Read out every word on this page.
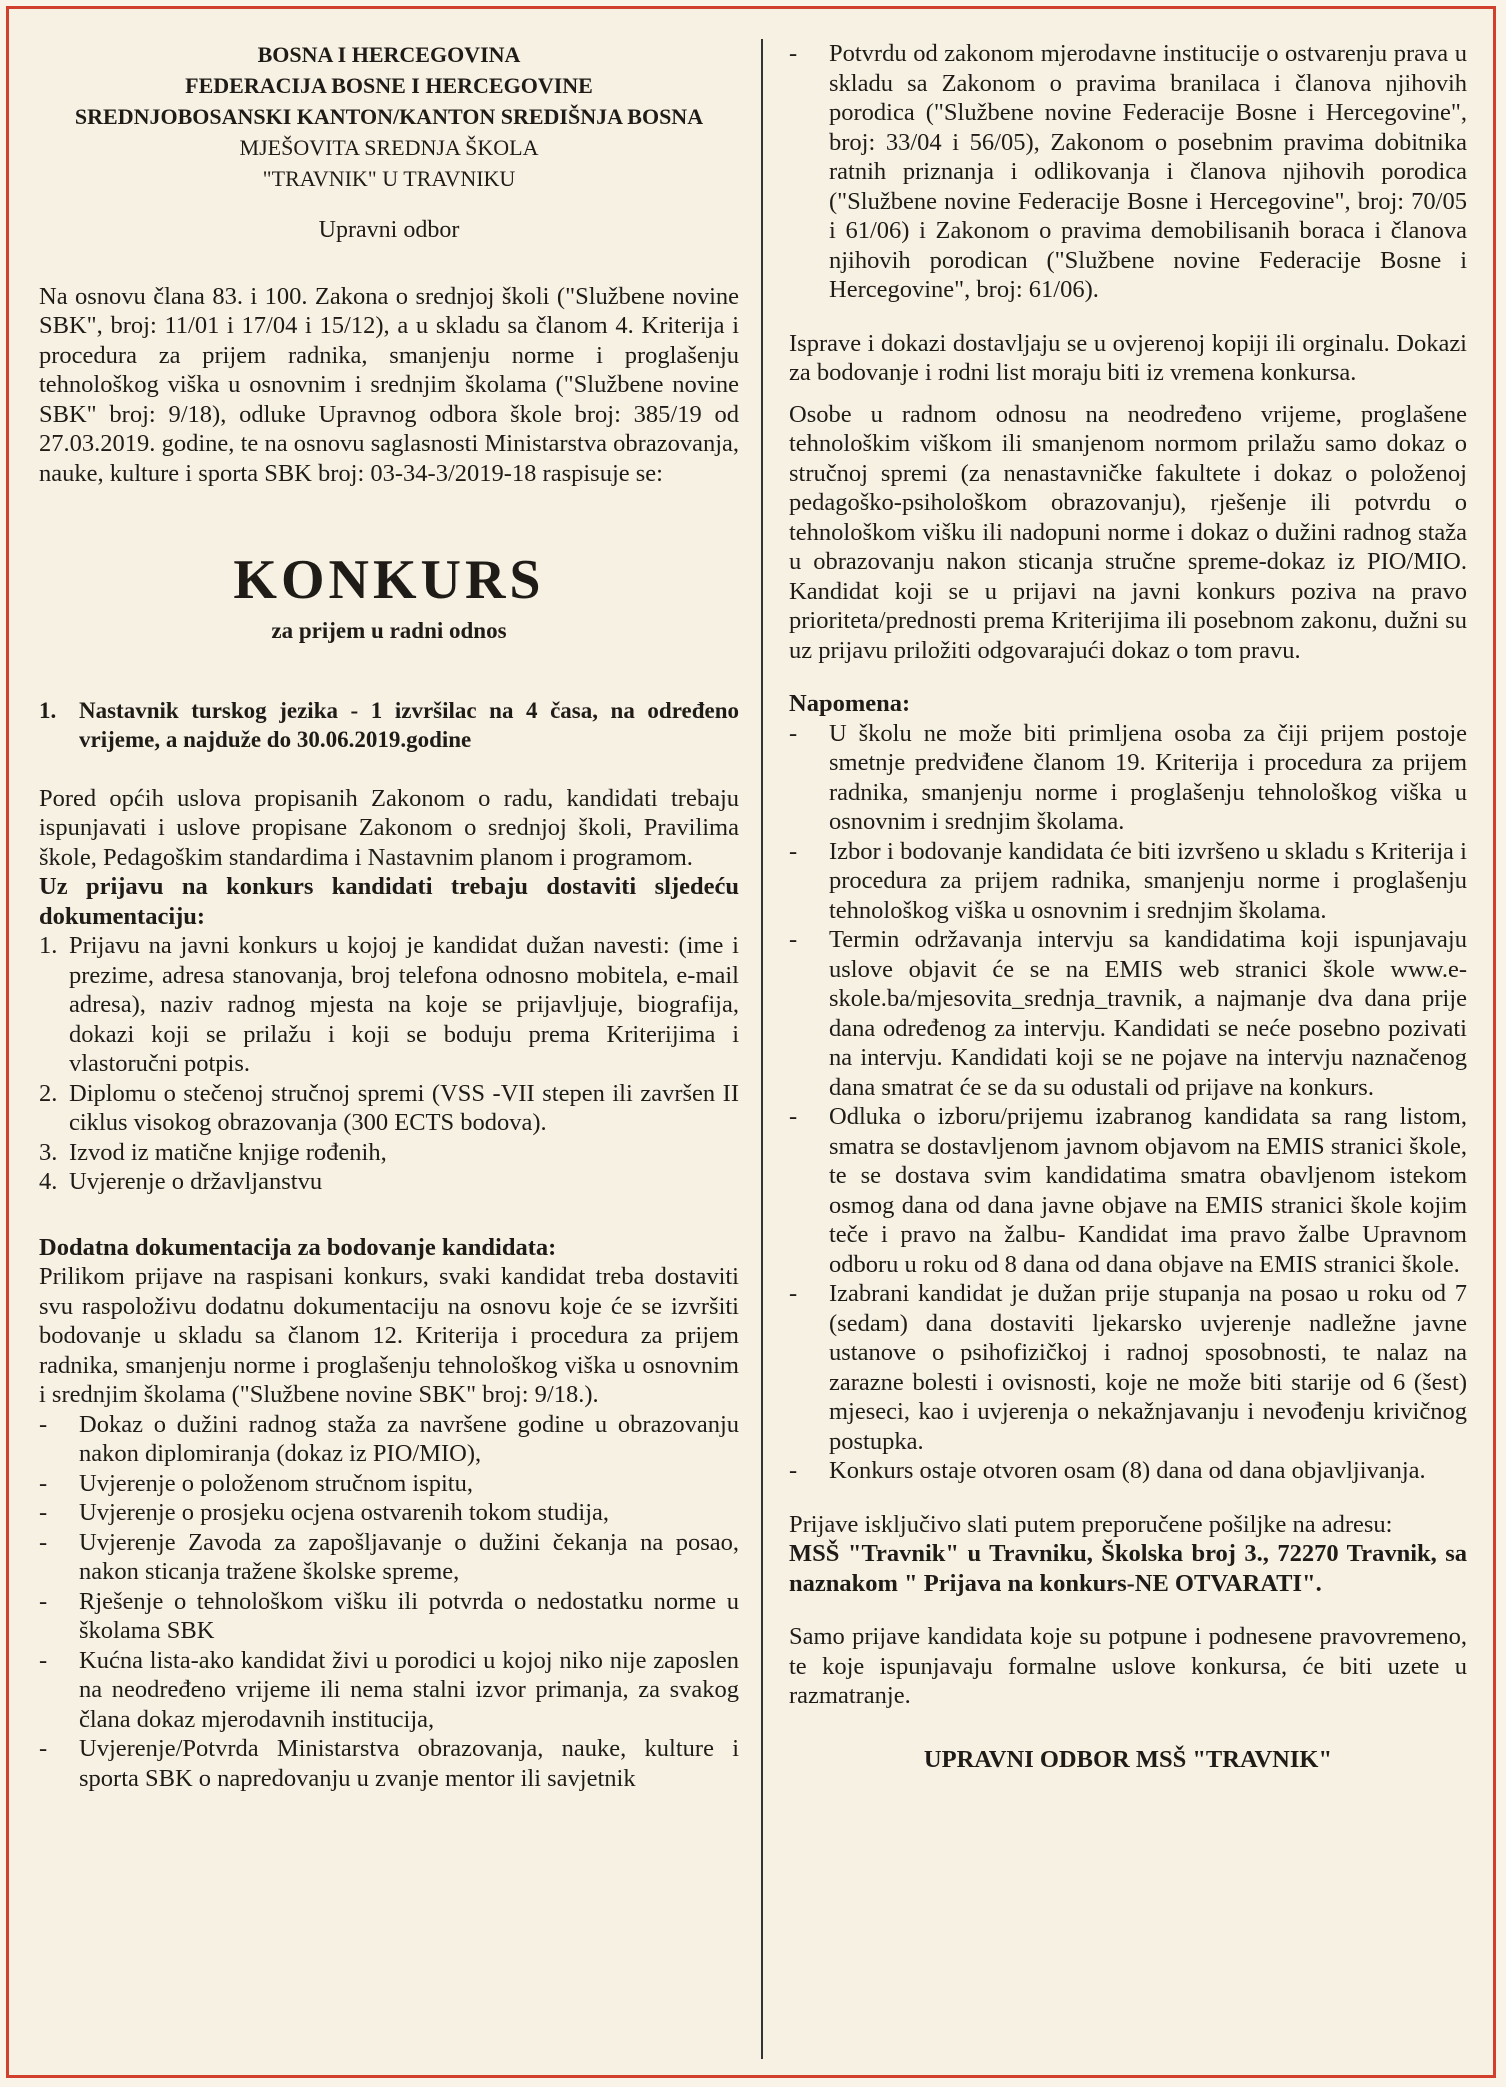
BOSNA I HERCEGOVINA
FEDERACIJA BOSNE I HERCEGOVINE
SREDNJOBOSANSKI KANTON/KANTON SREDIŠNJA BOSNA
MJEŠOVITA SREDNJA ŠKOLA
"TRAVNIK" U TRAVNIKU
Upravni odbor

Na osnovu člana 83. i 100. Zakona o srednjoj školi ("Službene novine SBK", broj: 11/01 i 17/04 i 15/12), a u skladu sa članom 4. Kriterija i procedura za prijem radnika, smanjenju norme i proglašenju tehnološkog viška u osnovnim i srednjim školama ("Službene novine SBK" broj: 9/18), odluke Upravnog odbora škole broj: 385/19 od 27.03.2019. godine, te na osnovu saglasnosti Ministarstva obrazovanja, nauke, kulture i sporta SBK broj: 03-34-3/2019-18 raspisuje se:

KONKURS
za prijem u radni odnos
1. Nastavnik turskog jezika - 1 izvršilac na 4 časa, na određeno vrijeme, a najduže do 30.06.2019.godine

Pored općih uslova propisanih Zakonom o radu, kandidati trebaju ispunjavati i uslove propisane Zakonom o srednjoj školi, Pravilima škole, Pedagoškim standardima i Nastavnim planom i programom.

Uz prijavu na konkurs kandidati trebaju dostaviti sljedeću dokumentaciju:

1. Prijavu na javni konkurs u kojoj je kandidat dužan navesti: (ime i prezime, adresa stanovanja, broj telefona odnosno mobitela, e-mail adresa), naziv radnog mjesta na koje se prijavljuje, biografija, dokazi koji se prilažu i koji se boduju prema Kriterijima i vlastoručni potpis.
2. Diplomu o stečenoj stručnoj spremi (VSS -VII stepen ili završen II ciklus visokog obrazovanja (300 ECTS bodova).
3. Izvod iz matične knjige rođenih,
4. Uvjerenje o državljanstvu

Dodatna dokumentacija za bodovanje kandidata:

Prilikom prijave na raspisani konkurs, svaki kandidat treba dostaviti svu raspoloživu dodatnu dokumentaciju na osnovu koje će se izvršiti bodovanje u skladu sa članom 12. Kriterija i procedura za prijem radnika, smanjenju norme i proglašenju tehnološkog viška u osnovnim i srednjim školama ("Službene novine SBK" broj: 9/18.).

-	Dokaz o dužini radnog staža za navršene godine u obrazovanju nakon diplomiranja (dokaz iz PIO/MIO),
-	Uvjerenje o položenom stručnom ispitu,
-	Uvjerenje o prosjeku ocjena ostvarenih tokom studija,
-	Uvjerenje Zavoda za zapošljavanje o dužini čekanja na posao, nakon sticanja tražene školske spreme,
-	Rješenje o tehnološkom višku ili potvrda o nedostatku norme u školama SBK
-	Kućna lista-ako kandidat živi u porodici u kojoj niko nije zaposlen na neodređeno vrijeme ili nema stalni izvor primanja, za svakog člana dokaz mjerodavnih institucija,
-	Uvjerenje/Potvrda Ministarstva obrazovanja, nauke, kulture i sporta SBK o napredovanju u zvanje mentor ili savjetnik
-	Potvrdu od zakonom mjerodavne institucije o ostvarenju prava u skladu sa Zakonom o pravima branilaca i članova njihovih porodica ("Službene novine Federacije Bosne i Hercegovine", broj: 33/04 i 56/05), Zakonom o posebnim pravima dobitnika ratnih priznanja i odlikovanja i članova njihovih porodica ("Službene novine Federacije Bosne i Hercegovine", broj: 70/05 i 61/06) i Zakonom o pravima demobilisanih boraca i članova njihovih porodican ("Službene novine Federacije Bosne i Hercegovine", broj: 61/06).

Isprave i dokazi dostavljaju se u ovjerenoj kopiji ili orginalu. Dokazi za bodovanje i rodni list moraju biti iz vremena konkursa.

Osobe u radnom odnosu na neodređeno vrijeme, proglašene tehnološkim viškom ili smanjenom normom prilažu samo dokaz o stručnoj spremi (za nenastavničke fakultete i dokaz o položenoj pedagoško-psihološkom obrazovanju), rješenje ili potvrdu o tehnološkom višku ili nadopuni norme i dokaz o dužini radnog staža u obrazovanju nakon sticanja stručne spreme-dokaz iz PIO/MIO. Kandidat koji se u prijavi na javni konkurs poziva na pravo prioriteta/prednosti prema Kriterijima ili posebnom zakonu, dužni su uz prijavu priložiti odgovarajući dokaz o tom pravu.

Napomena:

-	U školu ne može biti primljena osoba za čiji prijem postoje smetnje predviđene članom 19. Kriterija i procedura za prijem radnika, smanjenju norme i proglašenju tehnološkog viška u osnovnim i srednjim školama.
-	Izbor i bodovanje kandidata će biti izvršeno u skladu s Kriterija i procedura za prijem radnika, smanjenju norme i proglašenju tehnološkog viška u osnovnim i srednjim školama.
-	Termin održavanja intervju sa kandidatima koji ispunjavaju uslove objavit će se na EMIS web stranici škole www.e-skole.ba/mjesovita_srednja_travnik, a najmanje dva dana prije dana određenog za intervju. Kandidati se neće posebno pozivati na intervju. Kandidati koji se ne pojave na intervju naznačenog dana smatrat će se da su odustali od prijave na konkurs.
-	Odluka o izboru/prijemu izabranog kandidata sa rang listom, smatra se dostavljenom javnom objavom na EMIS stranici škole, te se dostava svim kandidatima smatra obavljenom istekom osmog dana od dana javne objave na EMIS stranici škole kojim teče i pravo na žalbu- Kandidat ima pravo žalbe Upravnom odboru u roku od 8 dana od dana objave na EMIS stranici škole.
-	Izabrani kandidat je dužan prije stupanja na posao u roku od 7 (sedam) dana dostaviti ljekarsko uvjerenje nadležne javne ustanove o psihofizičkoj i radnoj sposobnosti, te nalaz na zarazne bolesti i ovisnosti, koje ne može biti starije od 6 (šest) mjeseci, kao i uvjerenja o nekažnjavanju i nevođenju krivičnog postupka.
-	Konkurs ostaje otvoren osam (8) dana od dana objavljivanja.

Prijave isključivo slati putem preporučene pošiljke na adresu:

MSŠ "Travnik" u Travniku, Školska broj 3., 72270 Travnik, sa naznakom " Prijava na konkurs-NE OTVARATI".

Samo prijave kandidata koje su potpune i podnesene pravovremeno, te koje ispunjavaju formalne uslove konkursa, će biti uzete u razmatranje.

UPRAVNI ODBOR MSŠ "TRAVNIK"
